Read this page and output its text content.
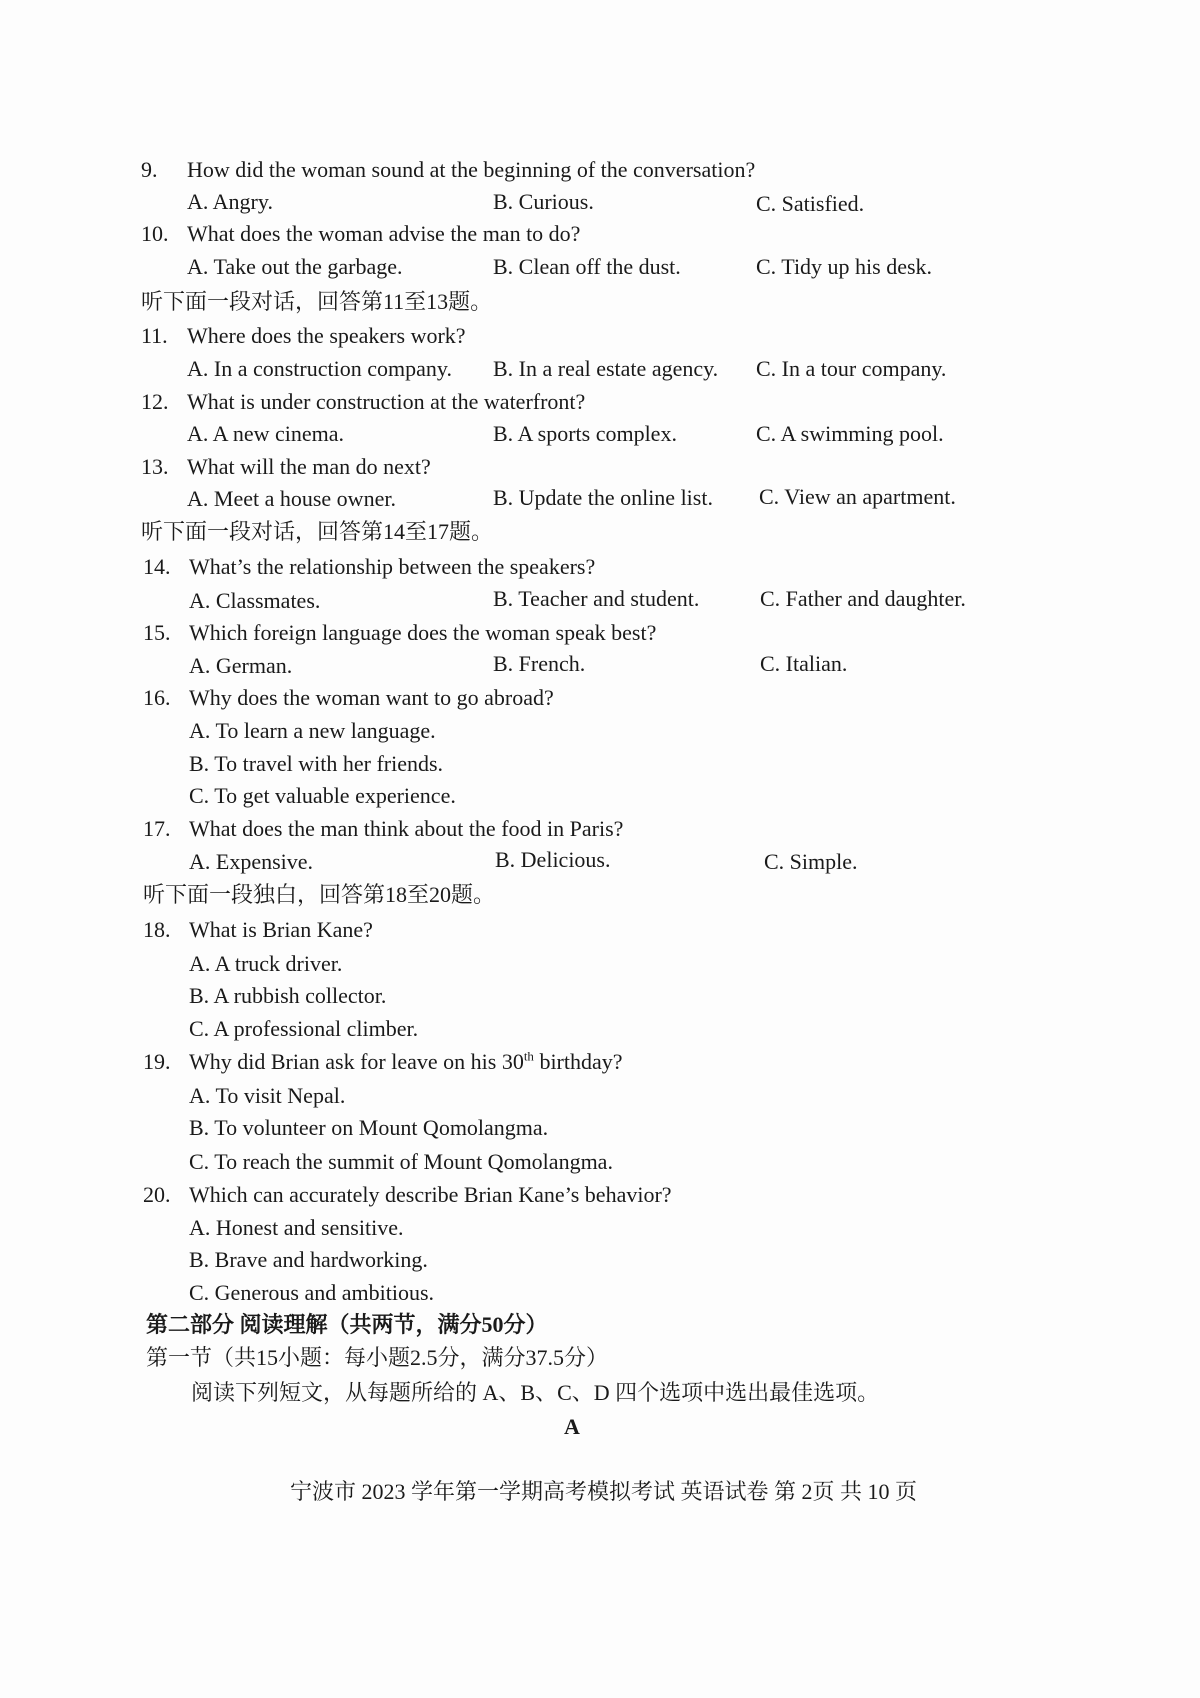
9. How did the woman sound at the beginning of the conversation?
A. Angry.	B. Curious.	C. Satisfied.
10. What does the woman advise the man to do?
A. Take out the garbage.	B. Clean off the dust.	C. Tidy up his desk.
听下面一段对话，回答第11至13题。
11. Where does the speakers work?
A. In a construction company. B. In a real estate agency. C. In a tour company.
12. What is under construction at the waterfront?
A. A new cinema.	B. A sports complex.	C. A swimming pool.
13. What will the man do next?
A. Meet a house owner.	B. Update the online list. C. View an apartment.
听下面一段对话，回答第14至17题。
14. What’s the relationship between the speakers?
A. Classmates.	B. Teacher and student.	C. Father and daughter.
15. Which foreign language does the woman speak best?
A. German.	B. French.	C. Italian.
16. Why does the woman want to go abroad?
A. To learn a new language.
B. To travel with her friends.
C. To get valuable experience.
17. What does the man think about the food in Paris?
A. Expensive.	B. Delicious.	C. Simple.
听下面一段独白，回答第18至20题。
18. What is Brian Kane?
A. A truck driver.
B. A rubbish collector.
C. A professional climber.
19. Why did Brian ask for leave on his 30th birthday?
A. To visit Nepal.
B. To volunteer on Mount Qomolangma.
C. To reach the summit of Mount Qomolangma.
20. Which can accurately describe Brian Kane’s behavior?
A. Honest and sensitive.
B. Brave and hardworking.
C. Generous and ambitious.
第二部分 阅读理解（共两节，满分50分）
第一节（共15小题：每小题2.5分，满分37.5分）
阅读下列短文，从每题所给的 A、B、C、D 四个选项中选出最佳选项。
A
宁波市 2023 学年第一学期高考模拟考试 英语试卷 第 2页 共 10 页
